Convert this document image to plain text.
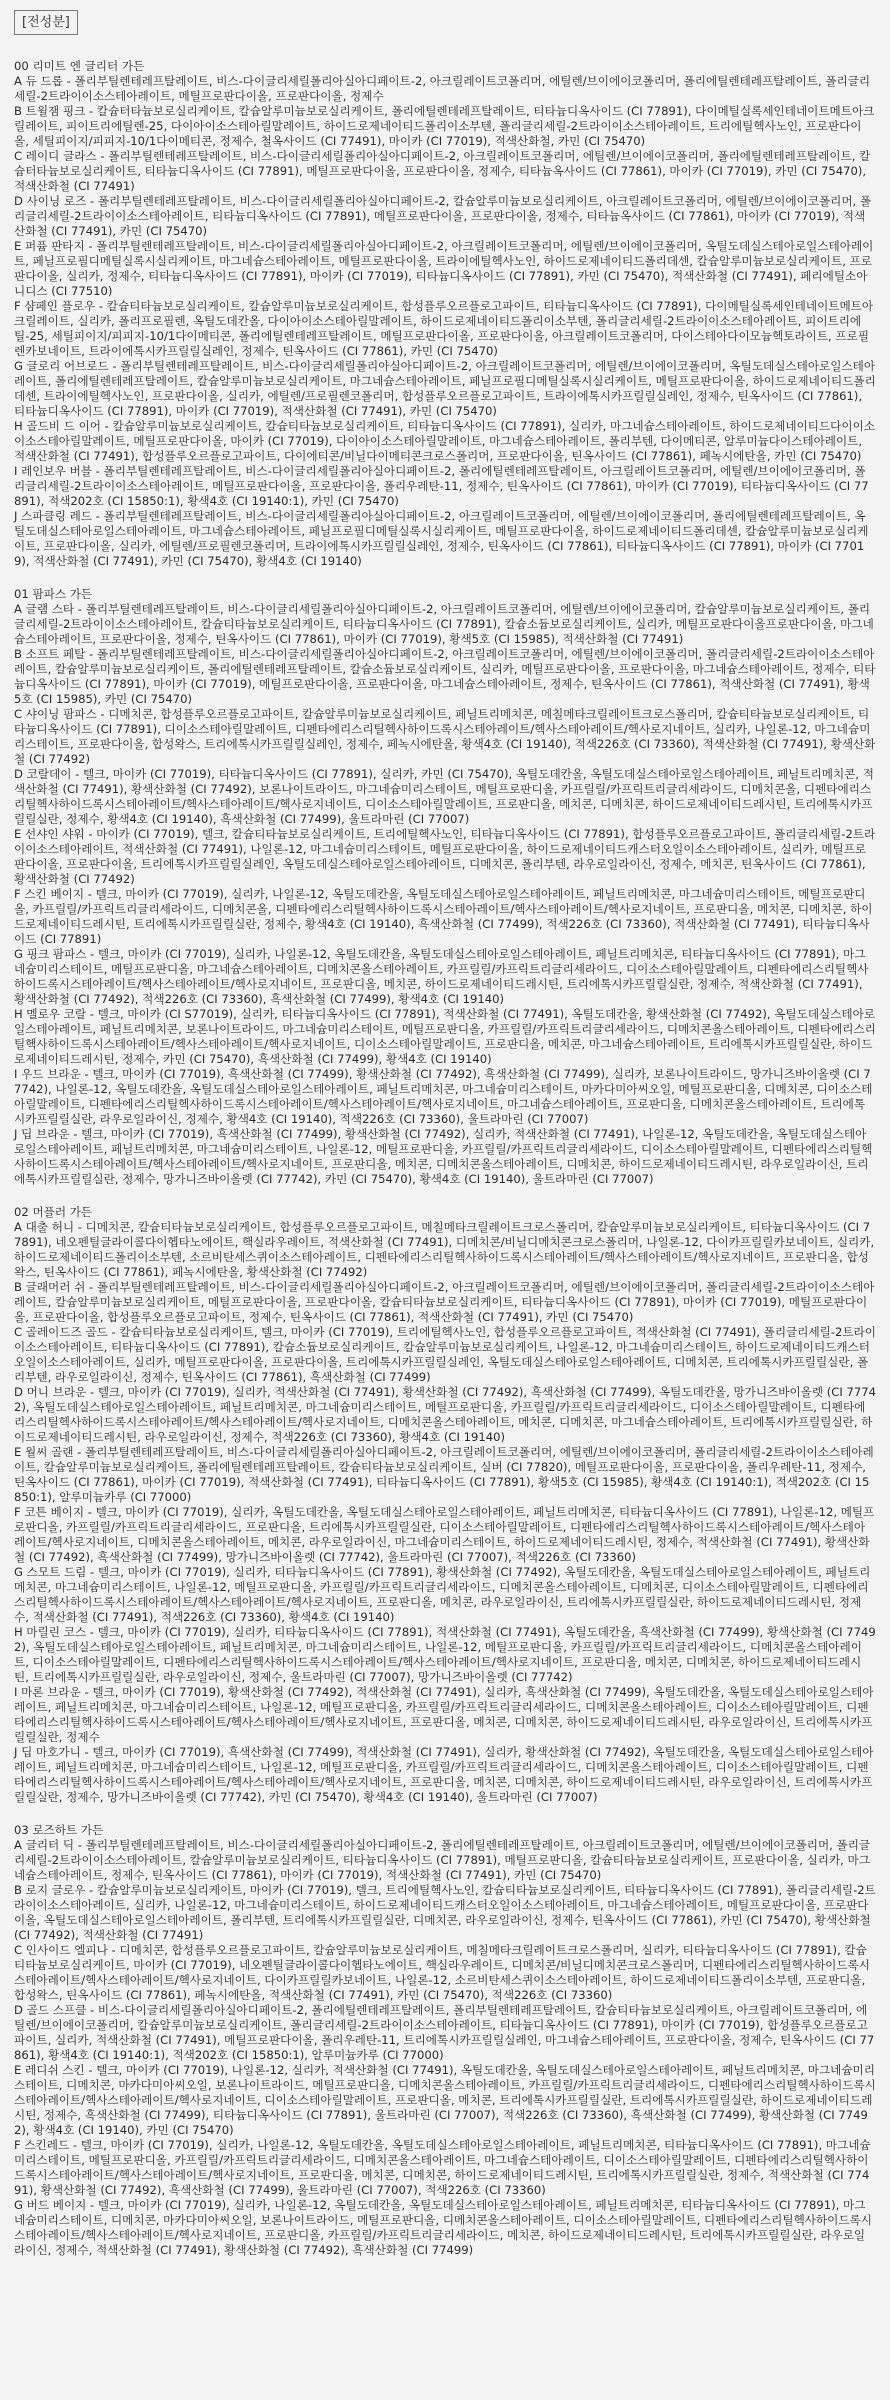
[전성분]

00 리미트 엔 글리터 가든

A 듀 드롭 - 폴리부틸렌테레프탈레이트, 비스-다이글리세릴폴리아실아디페이트-2, 아크릴레이트코폴리머, 에틸렌/브이에이코폴리머, 폴리에틸렌테레프탈레이트, 폴리글리세릴-2트라이이소스테아레이트, 메틸프로판다이올, 프로판다이올, 정제수

B 트윌잼 핑크 - 칼슘터타늄보로실리케이트, 칼슘알루미늄보로실리케이트, 폴리에틸렌테레프탈레이트, 티타늄디옥사이드 (CI 77891), 다이메틸실록세인테네이트메트아크릴레이트, 피이트리에틸렌-25, 다이아이소스테아릴말레이트, 하이드로제네이티드폴리이소부텐, 폴리글리세릴-2트라이이소스테아레이트, 트리에틸헥사노인, 프로판다이올, 세틸피이지/피피지-10/1다이메티콘, 정제수, 철옥사이드 (CI 77491), 마이카 (CI 77019), 적색산화철, 카민 (CI 75470)

C 레이디 글라스 - 폴리부틸렌테레프탈레이트, 비스-다이글리세릴폴리아실아디페이트-2, 아크릴레이트코폴리머, 에틸렌/브이에이코폴리머, 폴리에틸렌테레프탈레이트, 칼슘터타늄보로실리케이트, 티타늄디옥사이드 (CI 77891), 메틸프로판다이올, 프로판다이올, 정제수, 티타늄옥사이드 (CI 77861), 마이카 (CI 77019), 카민 (CI 75470), 적색산화철 (CI 77491)

D 사이닝 로즈 - 폴리부틸렌테레프탈레이트, 비스-다이글리세릴폴리아실아디페이트-2, 칼슘알루미늄보로실리케이트, 아크릴레이트코폴리머, 에틸렌/브이에이코폴리머, 폴리글리세릴-2트라이이소스테아레이트, 티타늄디옥사이드 (CI 77891), 메틸프로판다이올, 프로판다이올, 정제수, 티타늄옥사이드 (CI 77861), 마이카 (CI 77019), 적색산화철 (CI 77491), 카민 (CI 75470)

E 퍼퓸 판타지 - 폴리부틸렌테레프탈레이트, 비스-다이글리세릴폴리아실아디페이트-2, 아크릴레이트코폴리머, 에틸렌/브이에이코폴리머, 옥틸도데실스테아로일스테아레이트, 페닐프로필디메틸실록시실리케이트, 마그네슘스테아레이트, 메틸프로판다이올, 트라이에틸헥사노인, 하이드로제네이티드폴리데센, 칼슘알루미늄보로실리케이트, 프로판다이올, 실리카, 정제수, 티타늄디옥사이드 (CI 77891), 마이카 (CI 77019), 티타늄디옥사이드 (CI 77891), 카민 (CI 75470), 적색산화철 (CI 77491), 페리에틸소아니디스 (CI 77510)

F 샴페인 플로우 - 칼슘티타늄보로실리케이트, 칼슘알루미늄보로실리케이트, 합성플루오르플로고파이트, 티타늄디옥사이드 (CI 77891), 다이메틸실록세인테네이트메트아크릴레이트, 실리카, 폴리프로필렌, 옥틸도데칸올, 다이아이소스테아릴말레이트, 하이드로제네이티드폴리이소부텐, 폴리글리세릴-2트라이이소스테아레이트, 피이트리에틸-25, 세틸피이지/피피지-10/1다이메티콘, 폴리에틸렌테레프탈레이트, 메틸프로판다이올, 프로판다이올, 아크릴레이트코폴리머, 다이스테아다이모늄헥토라이트, 프로필렌카보네이트, 트라이에톡시카프릴릴실레인, 정제수, 틴옥사이드 (CI 77861), 카민 (CI 75470)

G 글로리 어브로드 - 폴리부틸렌테레프탈레이트, 비스-다이글리세릴폴리아실아디페이트-2, 아크릴레이트코폴리머, 에틸렌/브이에이코폴리머, 옥틸도데실스테아로일스테아레이트, 폴리에틸렌테레프탈레이트, 칼슘알루미늄보로실리케이트, 마그네슘스테아레이트, 페닐프로필디메틸실록시실리케이트, 메틸프로판다이올, 하이드로제네이티드폴리데센, 트라이에틸헥사노인, 프로판다이올, 실리카, 에틸렌/프로필렌코폴리머, 합성플루오르플로고파이트, 트라이에톡시카프릴릴실레인, 정제수, 틴옥사이드 (CI 77861), 티타늄디옥사이드 (CI 77891), 마이카 (CI 77019), 적색산화철 (CI 77491), 카민 (CI 75470)

H 골드비 드 이어 - 칼슘알루미늄보로실리케이트, 칼슘티타늄보로실리케이트, 티타늄디옥사이드 (CI 77891), 실리카, 마그네슘스테아레이트, 하이드로제네이티드다이이소이소스테아릴말레이트, 메틸프로판다이올, 마이카 (CI 77019), 다이아이소스테아릴말레이트, 마그네슘스테아레이트, 폴리부텐, 다이메티콘, 알루미늄다이스테아레이트, 적색산화철 (CI 77491), 합성플루오르플로고파이트, 다이에티콘/비닐다이메티콘크로스폴리머, 프로판다이올, 틴옥사이드 (CI 77861), 페녹시에탄올, 카민 (CI 75470)

I 레인보우 버블 - 폴리부틸렌테레프탈레이트, 비스-다이글리세릴폴리아실아디페이트-2, 폴리에틸렌테레프탈레이트, 아크릴레이트코폴리머, 에틸렌/브이에이코폴리머, 폴리글리세릴-2트라이이소스테아레이트, 메틸프로판다이올, 프로판다이올, 폴리우레탄-11, 정제수, 틴옥사이드 (CI 77861), 마이카 (CI 77019), 티타늄디옥사이드 (CI 77891), 적색202호 (CI 15850:1), 황색4호 (CI 19140:1), 카민 (CI 75470)

J 스파클링 레드 - 폴리부틸렌테레프탈레이트, 비스-다이글리세릴폴리아실아디페이트-2, 아크릴레이트코폴리머, 에틸렌/브이에이코폴리머, 폴리에틸렌테레프탈레이트, 옥틸도데실스테아로일스테아레이트, 마그네슘스테아레이트, 페닐프로필디메틸실록시실리케이트, 메틸프로판다이올, 하이드로제네이티드폴리데센, 칼슘알루미늄보로실리케이트, 프로판다이올, 실리카, 에틸렌/프로필렌코폴리머, 트라이에톡시카프릴릴실레인, 정제수, 틴옥사이드 (CI 77861), 티타늄디옥사이드 (CI 77891), 마이카 (CI 77019), 적색산화철 (CI 77491), 카민 (CI 75470), 황색4호 (CI 19140)

01 팜파스 가든

A 글램 스타 - 폴리부틸렌테레프탈레이트, 비스-다이글리세릴폴리아실아디페이트-2, 아크릴레이트코폴리머, 에틸렌/브이에이코폴리머, 칼슘알루미늄보로실리케이트, 폴리글리세릴-2트라이이소스테아레이트, 칼슘티타늄보로실리케이트, 티타늄디옥사이드 (CI 77891), 칼슘소듐보로실리케이트, 실리카, 메틸프로판다이올프로판다이올, 마그네슘스테아레이트, 프로판다이올, 정제수, 틴옥사이드 (CI 77861), 마이카 (CI 77019), 황색5호 (CI 15985), 적색산화철 (CI 77491)

B 소프트 페탈 - 폴리부틸렌테레프탈레이트, 비스-다이글리세릴폴리아실아디페이트-2, 아크릴레이트코폴리머, 에틸렌/브이에이코폴리머, 폴리글리세릴-2트라이이소스테아레이트, 칼슘알루미늄보로실리케이트, 폴리에틸렌테레프탈레이트, 칼슘소듐보로실리케이트, 실리카, 메틸프로판다이올, 프로판다이올, 마그네슘스테아레이트, 정제수, 티타늄디옥사이드 (CI 77891), 마이카 (CI 77019), 메틸프로판다이올, 프로판다이올, 마그네슘스테아레이트, 정제수, 틴옥사이드 (CI 77861), 적색산화철 (CI 77491), 황색5호 (CI 15985), 카민 (CI 75470)

C 샤이닝 팜파스 - 디메치콘, 합성플루오르플로고파이트, 칼슘알루미늄보로실리케이트, 페닐트리메치콘, 메칠메타크릴레이트크로스폴리머, 칼슘티타늄보로실리케이트, 티타늄디옥사이드 (CI 77891), 디이소스테아릴말레이트, 디펜타에리스리틸헥사하이드록시스테아레이트/헥사스테아레이트/헥사로지네이트, 실리카, 나일론-12, 마그네슘미리스테이트, 프로판다이올, 합성왁스, 트리에톡시카프릴릴실레인, 정제수, 페녹시에탄올, 황색4호 (CI 19140), 적색226호 (CI 73360), 적색산화철 (CI 77491), 황색산화철 (CI 77492)

D 코랄데이 - 텔크, 마이카 (CI 77019), 티타늄디옥사이드 (CI 77891), 실리카, 카민 (CI 75470), 옥틸도데칸올, 옥틸도데실스테아로일스테아레이트, 페닐트리메치콘, 적색산화철 (CI 77491), 황색산화철 (CI 77492), 보론나이트라이드, 마그네슘미리스테이트, 메틸프로판디올, 카프릴릴/카프릭트리글리세라이드, 디메치콘올, 디펜타에리스리틸헥사하이드록시스테아레이트/헥사스테아레이트/헥사로지네이트, 디이소스테아릴말레이트, 프로판디올, 메치콘, 디메치콘, 하이드로제네이티드레시틴, 트리에톡시카프릴릴실란, 정제수, 황색4호 (CI 19140), 흑색산화철 (CI 77499), 울트라마린 (CI 77007)

E 선샤인 샤워 - 마이카 (CI 77019), 텔크, 칼슘티타늄보로실리케이트, 트리에틸헥사노인, 티타늄디옥사이드 (CI 77891), 합성플루오르플로고파이트, 폴리글리세릴-2트라이이소스테아레이트, 적색산화철 (CI 77491), 나일론-12, 마그네슘미리스테이트, 메틸프로판다이올, 하이드로제네이티드캐스터오일이소스테아레이트, 실리카, 메틸프로판다이올, 프로판다이올, 트리에톡시카프릴릴실레인, 옥틸도데실스테아로일스테아레이트, 디메치콘, 폴리부텐, 라우로일라이신, 정제수, 메치콘, 틴옥사이드 (CI 77861), 황색산화철 (CI 77492)

F 스킨 베이지 - 텔크, 마이카 (CI 77019), 실리카, 나일론-12, 옥틸도데칸올, 옥틸도데실스테아로일스테아레이트, 페닐트리메치콘, 마그네슘미리스테이트, 메틸프로판디올, 카프릴릴/카프릭트리글리세라이드, 디메치콘올, 디펜타에리스리틸헥사하이드록시스테아레이트/헥사스테아레이트/헥사로지네이트, 프로판디올, 메치콘, 디메치콘, 하이드로제네이티드레시틴, 트리에톡시카프릴릴실란, 정제수, 황색4호 (CI 19140), 흑색산화철 (CI 77499), 적색226호 (CI 73360), 적색산화철 (CI 77491), 티타늄디옥사이드 (CI 77891)

G 핑크 팜파스 - 텔크, 마이카 (CI 77019), 실리카, 나일론-12, 옥틸도데칸올, 옥틸도데실스테아로일스테아레이트, 페닐트리메치콘, 티타늄디옥사이드 (CI 77891), 마그네슘미리스테이트, 메틸프로판디올, 마그네슘스테아레이트, 디메치콘올스테아레이트, 카프릴릴/카프릭트리글리세라이드, 디이소스테아릴말레이트, 디펜타에리스리틸헥사하이드록시스테아레이트/헥사스테아레이트/헥사로지네이트, 프로판디올, 메치콘, 하이드로제네이티드레시틴, 트리에톡시카프릴릴실란, 정제수, 적색산화철 (CI 77491), 황색산화철 (CI 77492), 적색226호 (CI 73360), 흑색산화철 (CI 77499), 황색4호 (CI 19140)

H 멜로우 코랄 - 텔크, 마이카 (CI S77019), 실리카, 티타늄디옥사이드 (CI 77891), 적색산화철 (CI 77491), 옥틸도데칸올, 황색산화철 (CI 77492), 옥틸도데실스테아로일스테아레이트, 페닐트리메치콘, 보론나이트라이드, 마그네슘미리스테이트, 메틸프로판디올, 카프릴릴/카프릭트리글리세라이드, 디메치콘올스테아레이트, 디펜타에리스리틸헥사하이드록시스테아레이트/헥사스테아레이트/헥사로지네이트, 디이소스테아릴말레이트, 프로판디올, 메치콘, 마그네슘스테아레이트, 트리에톡시카프릴릴실란, 하이드로제네이티드레시틴, 정제수, 카민 (CI 75470), 흑색산화철 (CI 77499), 황색4호 (CI 19140)

I 우드 브라운 - 텔크, 마이카 (CI 77019), 흑색산화철 (CI 77499), 황색산화철 (CI 77492), 흑색산화철 (CI 77499), 실리카, 보론나이트라이드, 망가니즈바이올렛 (CI 77742), 나일론-12, 옥틸도데칸올, 옥틸도데실스테아로일스테아레이트, 페닐트리메치콘, 마그네슘미리스테이트, 마카다미아씨오일, 메틸프로판디올, 디메치콘, 디이소스테아릴말레이트, 디펜타에리스리틸헥사하이드록시스테아레이트/헥사스테아레이트/헥사로지네이트, 마그네슘스테아레이트, 프로판디올, 디메치콘올스테아레이트, 트리에톡시카프릴릴실란, 라우로일라이신, 정제수, 황색4호 (CI 19140), 적색226호 (CI 73360), 울트라마린 (CI 77007)

J 딥 브라운 - 텔크, 마이카 (CI 77019), 흑색산화철 (CI 77499), 황색산화철 (CI 77492), 실리카, 적색산화철 (CI 77491), 나일론-12, 옥틸도데칸올, 옥틸도데실스테아로일스테아레이트, 페닐트리메치콘, 마그네슘미리스테이트, 나일론-12, 메틸프로판디올, 카프릴릴/카프릭트리글리세라이드, 디이소스테아릴말레이트, 디펜타에리스리틸헥사하이드록시스테아레이트/헥사스테아레이트/헥사로지네이트, 프로판디올, 메치콘, 디메치콘올스테아레이트, 디메치콘, 하이드로제네이티드레시틴, 라우로일라이신, 트리에톡시카프릴릴실란, 정제수, 망가니즈바이올렛 (CI 77742), 카민 (CI 75470), 황색4호 (CI 19140), 울트라마린 (CI 77007)

02 머플러 가든

A 대출 허니 - 디메치콘, 칼슘티타늄보로실리케이트, 합성플루오르플로고파이트, 메칠메타크릴레이트크로스폴리머, 칼슘알루미늄보로실리케이트, 티타늄디옥사이드 (CI 77891), 네오펜틸글라이콜다이헵타노에이트, 핵실라우레이트, 적색산화철 (CI 77491), 디메치콘/비닐디메치콘크로스폴리머, 나일론-12, 다이카프릴릴카보네이트, 실리카, 하이드로제네이티드폴리이소부텐, 소르비탄세스퀴이소스테아레이트, 디펜타에리스리틸헥사하이드록시스테아레이트/헥사스테아레이트/헥사로지네이트, 프로판디올, 합성왁스, 틴옥사이드 (CI 77861), 페녹시에탄올, 황색산화철 (CI 77492)

B 글래머러 쉬 - 폴리부틸렌테레프탈레이트, 비스-다이글리세릴폴리아실아디페이트-2, 아크릴레이트코폴리머, 에틸렌/브이에이코폴리머, 폴리글리세릴-2트라이이소스테아레이트, 칼슘알루미늄보로실리케이트, 메틸프로판다이올, 프로판다이올, 칼슘티타늄보로실리케이트, 티타늄디옥사이드 (CI 77891), 마이카 (CI 77019), 메틸프로판다이올, 프로판다이올, 합성플루오르플로고파이트, 정제수, 틴옥사이드 (CI 77861), 적색산화철 (CI 77491), 카민 (CI 75470)

C 골레이드즈 골드 - 칼슘티타늄보로실리케이트, 텔크, 마이카 (CI 77019), 트리에틸헥사노인, 합성플루오르플로고파이트, 적색산화철 (CI 77491), 폴리글리세릴-2트라이이소스테아레이트, 티타늄디옥사이드 (CI 77891), 칼슘소듐보로실리케이트, 칼슘알루미늄보로실리케이트, 나일론-12, 마그네슘미리스테이트, 하이드로제네이티드캐스터오일이소스테아레이트, 실리카, 메틸프로판다이올, 프로판다이올, 트리에톡시카프릴릴실레인, 옥틸도데실스테아로일스테아레이트, 디메치콘, 트리에톡시카프릴릴실란, 폴리부텐, 라우로일라이신, 정제수, 틴옥사이드 (CI 77861), 흑색산화철 (CI 77499)

D 머니 브라운 - 텔크, 마이카 (CI 77019), 실리카, 적색산화철 (CI 77491), 황색산화철 (CI 77492), 흑색산화철 (CI 77499), 옥틸도데칸올, 망가니즈바이올렛 (CI 77742), 옥틸도데실스테아로일스테아레이트, 페닐트리메치콘, 마그네슘미리스테이트, 메틸프로판디올, 카프릴릴/카프릭트리글리세라이드, 디이소스테아릴말레이트, 디펜타에리스리틸헥사하이드록시스테아레이트/헥사스테아레이트/헥사로지네이트, 디메치콘올스테아레이트, 메치콘, 디메치콘, 마그네슘스테아레이트, 트리에톡시카프릴릴실란, 하이드로제네이티드레시틴, 라우로일라이신, 정제수, 적색226호 (CI 73360), 황색4호 (CI 19140)

E 월씨 골랜 - 폴리부틸렌테레프탈레이트, 비스-다이글리세릴폴리아실아디페이트-2, 아크릴레이트코폴리머, 에틸렌/브이에이코폴리머, 폴리글리세릴-2트라이이소스테아레이트, 칼슘알루미늄보로실리케이트, 폴리에틸렌테레프탈레이트, 칼슘티타늄보로실리케이트, 실버 (CI 77820), 메틸프로판다이올, 프로판다이올, 폴리우레탄-11, 정제수, 틴옥사이드 (CI 77861), 마이카 (CI 77019), 적색산화철 (CI 77491), 티타늄디옥사이드 (CI 77891), 황색5호 (CI 15985), 황색4호 (CI 19140:1), 적색202호 (CI 15850:1), 알루미늄카루 (CI 77000)

F 코튼 베이지 - 텔크, 마이카 (CI 77019), 실리카, 옥틸도데칸올, 옥틸도데실스테아로일스테아레이트, 페닐트리메치콘, 티타늄디옥사이드 (CI 77891), 나일론-12, 메틸프로판디올, 카프릴릴/카프릭트리글리세라이드, 프로판디올, 트리에톡시카프릴릴실란, 디이소스테아릴말레이트, 디펜타에리스리틸헥사하이드록시스테아레이트/헥사스테아레이트/헥사로지네이트, 디메치콘올스테아레이트, 메치콘, 라우로일라이신, 마그네슘미리스테이트, 하이드로제네이티드레시틴, 정제수, 적색산화철 (CI 77491), 황색산화철 (CI 77492), 흑색산화철 (CI 77499), 망가니즈바이올렛 (CI 77742), 울트라마린 (CI 77007), 적색226호 (CI 73360)

G 스모트 드림 - 텔크, 마이카 (CI 77019), 실리카, 티타늄디옥사이드 (CI 77891), 황색산화철 (CI 77492), 옥틸도데칸올, 옥틸도데실스테아로일스테아레이트, 페닐트리메치콘, 마그네슘미리스테이트, 나일론-12, 메틸프로판디올, 카프릴릴/카프릭트리글리세라이드, 디메치콘올스테아레이트, 디메치콘, 디이소스테아릴말레이트, 디펜타에리스리틸헥사하이드록시스테아레이트/헥사스테아레이트/헥사로지네이트, 프로판디올, 메치콘, 라우로일라이신, 트리에톡시카프릴릴실란, 하이드로제네이티드레시틴, 정제수, 적색산화철 (CI 77491), 적색226호 (CI 73360), 황색4호 (CI 19140)

H 마릴린 코스 - 텔크, 마이카 (CI 77019), 실리카, 티타늄디옥사이드 (CI 77891), 적색산화철 (CI 77491), 옥틸도데칸올, 흑색산화철 (CI 77499), 황색산화철 (CI 77492), 옥틸도데실스테아로일스테아레이트, 페닐트리메치콘, 마그네슘미리스테이트, 나일론-12, 메틸프로판디올, 카프릴릴/카프릭트리글리세라이드, 디메치콘올스테아레이트, 디이소스테아릴말레이트, 디펜타에리스리틸헥사하이드록시스테아레이트/헥사스테아레이트/헥사로지네이트, 프로판디올, 메치콘, 디메치콘, 하이드로제네이티드레시틴, 트리에톡시카프릴릴실란, 라우로일라이신, 정제수, 울트라마린 (CI 77007), 망가니즈바이올렛 (CI 77742)

I 마론 브라운 - 텔크, 마이카 (CI 77019), 황색산화철 (CI 77492), 적색산화철 (CI 77491), 실리카, 흑색산화철 (CI 77499), 옥틸도데칸올, 옥틸도데실스테아로일스테아레이트, 페닐트리메치콘, 마그네슘미리스테이트, 나일론-12, 메틸프로판디올, 카프릴릴/카프릭트리글리세라이드, 디메치콘올스테아레이트, 디이소스테아릴말레이트, 디펜타에리스리틸헥사하이드록시스테아레이트/헥사스테아레이트/헥사로지네이트, 프로판디올, 메치콘, 디메치콘, 하이드로제네이티드레시틴, 라우로일라이신, 트리에톡시카프릴릴실란, 정제수

J 딥 마호가니 - 텔크, 마이카 (CI 77019), 흑색산화철 (CI 77499), 적색산화철 (CI 77491), 실리카, 황색산화철 (CI 77492), 옥틸도데칸올, 옥틸도데실스테아로일스테아레이트, 페닐트리메치콘, 마그네슘미리스테이트, 나일론-12, 메틸프로판디올, 카프릴릴/카프릭트리글리세라이드, 디메치콘올스테아레이트, 디이소스테아릴말레이트, 디펜타에리스리틸헥사하이드록시스테아레이트/헥사스테아레이트/헥사로지네이트, 프로판디올, 메치콘, 디메치콘, 하이드로제네이티드레시틴, 라우로일라이신, 트리에톡시카프릴릴실란, 정제수, 망가니즈바이올렛 (CI 77742), 카민 (CI 75470), 황색4호 (CI 19140), 울트라마린 (CI 77007)

03 로즈하트 가든

A 글리터 딕 - 폴리부틸렌테레프탈레이트, 비스-다이글리세릴폴리아실아디페이트-2, 폴리에틸렌테레프탈레이트, 아크릴레이트코폴리머, 에틸렌/브이에이코폴리머, 폴리글리세릴-2트라이이소스테아레이트, 칼슘알루미늄보로실리케이트, 티타늄디옥사이드 (CI 77891), 메틸프로판디올, 칼슘티타늄보로실리케이트, 프로판다이올, 실리카, 마그네슘스테아레이트, 정제수, 틴옥사이드 (CI 77861), 마이카 (CI 77019), 적색산화철 (CI 77491), 카민 (CI 75470)

B 로지 글로우 - 칼슘알루미늄보로실리케이트, 마이카 (CI 77019), 텔크, 트리에틸헥사노인, 칼슘티타늄보로실리케이트, 티타늄디옥사이드 (CI 77891), 폴리글리세릴-2트라이이소스테아레이트, 실리카, 나일론-12, 마그네슘미리스테이트, 하이드로제네이티드캐스터오일이소스테아레이트, 마그네슘스테아레이트, 메틸프로판다이올, 프로판다이올, 옥틸도데실스테아로일스테아레이트, 폴리부텐, 트리에톡시카프릴릴실란, 디메치콘, 라우로일라이신, 정제수, 틴옥사이드 (CI 77861), 카민 (CI 75470), 황색산화철 (CI 77492), 적색산화철 (CI 77491)

C 인사이드 엘피나 - 디메치콘, 합성플루오르플로고파이트, 칼슘알루미늄보로실리케이트, 메칠메타크릴레이트크로스폴리머, 실리카, 티타늄디옥사이드 (CI 77891), 칼슘티타늄보로실리케이트, 마이카 (CI 77019), 네오펜틸글라이콜다이헵타노에이트, 핵실라우레이트, 디메치콘/비닐디메치콘크로스폴리머, 디펜타에리스리틸헥사하이드록시스테아레이트/헥사스테아레이트/헥사로지네이트, 다이카프릴릴카보네이트, 나일론-12, 소르비탄세스퀴이소스테아레이트, 하이드로제네이티드폴리이소부텐, 프로판디올, 합성왁스, 틴옥사이드 (CI 77861), 페녹시에탄올, 적색산화철 (CI 77491), 카민 (CI 75470), 적색226호 (CI 73360)

D 골드 스프클 - 비스-다이글리세릴폴리아실아디페이트-2, 폴리에틸렌테레프탈레이트, 폴리부틸렌테레프탈레이트, 칼슘티타늄보로실리케이트, 아크릴레이트코폴리머, 에틸렌/브이에이코폴리머, 칼슘알루미늄보로실리케이트, 폴리글리세릴-2트라이이소스테아레이트, 티타늄디옥사이드 (CI 77891), 마이카 (CI 77019), 합성플루오르플로고파이트, 실리카, 적색산화철 (CI 77491), 메틸프로판다이올, 폴리우레탄-11, 트리에톡시카프릴릴실레인, 마그네슘스테아레이트, 프로판다이올, 정제수, 틴옥사이드 (CI 77861), 황색4호 (CI 19140:1), 적색202호 (CI 15850:1), 알루미늄카루 (CI 77000)

E 레디쉬 스킨 - 텔크, 마이카 (CI 77019), 나일론-12, 실리카, 적색산화철 (CI 77491), 옥틸도데칸올, 옥틸도데실스테아로일스테아레이트, 페닐트리메치콘, 마그네슘미리스테이트, 디메치콘, 마카다미아씨오일, 보론나이트라이드, 메틸프로판디올, 디메치콘올스테아레이트, 카프릴릴/카프릭트리글리세라이드, 디펜타에리스리틸헥사하이드록시스테아레이트/헥사스테아레이트/헥사로지네이트, 디이소스테아릴말레이트, 프로판디올, 메치콘, 트리에톡시카프릴릴실란, 트리에톡시카프릴릴실란, 하이드로제네이티드레시틴, 정제수, 흑색산화철 (CI 77499), 티타늄디옥사이드 (CI 77891), 울트라마린 (CI 77007), 적색226호 (CI 73360), 흑색산화철 (CI 77499), 황색산화철 (CI 77492), 황색4호 (CI 19140), 카민 (CI 75470)

F 스킨레드 - 텔크, 마이카 (CI 77019), 실리카, 나일론-12, 옥틸도데칸올, 옥틸도데실스테아로일스테아레이트, 페닐트리메치콘, 티타늄디옥사이드 (CI 77891), 마그네슘미리스테이트, 메틸프로판디올, 카프릴릴/카프릭트리글리세라이드, 디메치콘올스테아레이트, 마그네슘스테아레이트, 디이소스테아릴말레이트, 디펜타에리스리틸헥사하이드록시스테아레이트/헥사스테아레이트/헥사로지네이트, 프로판디올, 메치콘, 디메치콘, 하이드로제네이티드레시틴, 트리에톡시카프릴릴실란, 정제수, 적색산화철 (CI 77491), 황색산화철 (CI 77492), 흑색산화철 (CI 77499), 울트라마린 (CI 77007), 적색226호 (CI 73360)

G 버드 베이지 - 텔크, 마이카 (CI 77019), 실리카, 나일론-12, 옥틸도데칸올, 옥틸도데실스테아로일스테아레이트, 페닐트리메치콘, 티타늄디옥사이드 (CI 77891), 마그네슘미리스테이트, 디메치콘, 마카다미아씨오일, 보론나이트라이드, 메틸프로판디올, 디메치콘올스테아레이트, 디이소스테아릴말레이트, 디펜타에리스리틸헥사하이드록시스테아레이트/헥사스테아레이트/헥사로지네이트, 프로판디올, 카프릴릴/카프릭트리글리세라이드, 메치콘, 하이드로제네이티드레시틴, 트리에톡시카프릴릴실란, 라우로일라이신, 정제수, 적색산화철 (CI 77491), 황색산화철 (CI 77492), 흑색산화철 (CI 77499)
